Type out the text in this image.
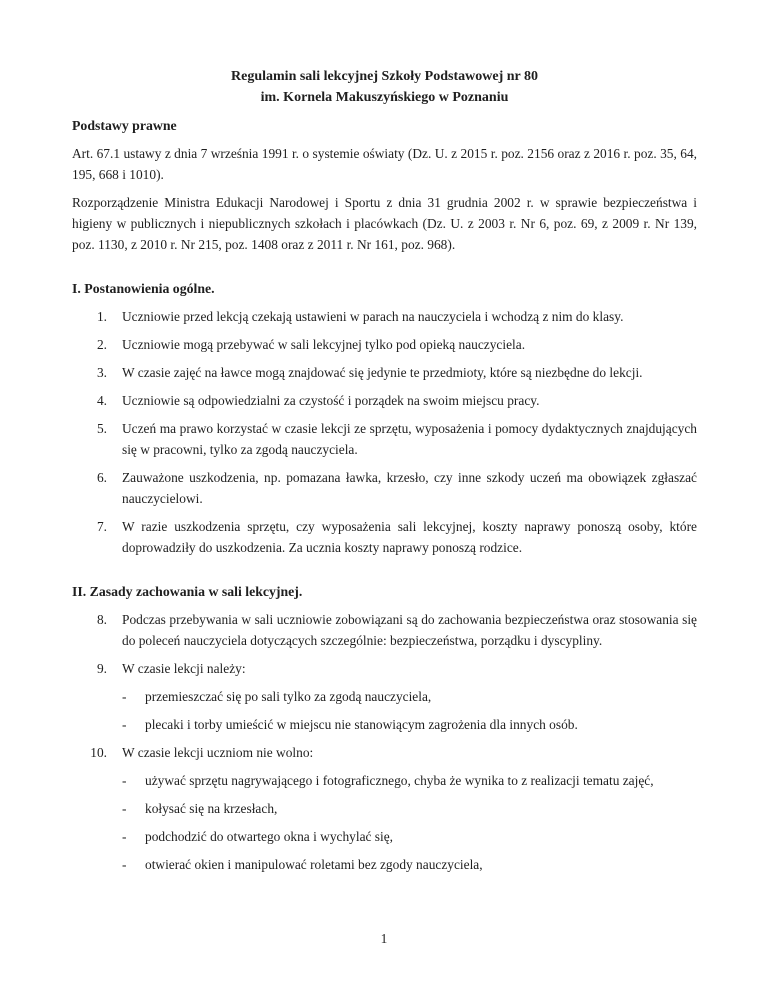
Regulamin sali lekcyjnej Szkoły Podstawowej nr 80
im. Kornela Makuszyńskiego w Poznaniu
Podstawy prawne

Art. 67.1 ustawy z dnia 7 września 1991 r. o systemie oświaty (Dz. U. z 2015 r. poz. 2156 oraz z 2016 r. poz. 35, 64, 195, 668 i 1010).

Rozporządzenie Ministra Edukacji Narodowej i Sportu z dnia 31 grudnia 2002 r. w sprawie bezpieczeństwa i higieny w publicznych i niepublicznych szkołach i placówkach (Dz. U. z 2003 r. Nr 6, poz. 69, z 2009 r. Nr 139, poz. 1130, z 2010 r. Nr 215, poz. 1408 oraz z 2011 r. Nr 161, poz. 968).

I. Postanowienia ogólne.
1.	Uczniowie przed lekcją czekają ustawieni w parach na nauczyciela i wchodzą z nim do klasy.
2.	Uczniowie mogą przebywać w sali lekcyjnej tylko pod opieką nauczyciela.
3.	W czasie zajęć na ławce mogą znajdować się jedynie te przedmioty, które są niezbędne do lekcji.
4.	Uczniowie są odpowiedzialni za czystość i porządek na swoim miejscu pracy.
5.	Uczeń ma prawo korzystać w czasie lekcji ze sprzętu, wyposażenia i pomocy dydaktycznych znajdujących się w pracowni, tylko za zgodą nauczyciela.
6.	Zauważone uszkodzenia, np. pomazana ławka, krzesło, czy inne szkody uczeń ma obowiązek zgłaszać nauczycielowi.
7.	W razie uszkodzenia sprzętu, czy wyposażenia sali lekcyjnej, koszty naprawy ponoszą osoby, które doprowadziły do uszkodzenia. Za ucznia koszty naprawy ponoszą rodzice.
II. Zasady zachowania w sali lekcyjnej.
8.	Podczas przebywania w sali uczniowie zobowiązani są do zachowania bezpieczeństwa oraz stosowania się do poleceń nauczyciela dotyczących szczególnie: bezpieczeństwa, porządku i dyscypliny.
9.	W czasie lekcji należy:
-	przemieszczać się po sali tylko za zgodą nauczyciela,
-	plecaki i torby umieścić w miejscu nie stanowiącym zagrożenia dla innych osób.
10.	W czasie lekcji uczniom nie wolno:
-	używać sprzętu nagrywającego i fotograficznego, chyba że wynika to z realizacji tematu zajęć,
-	kołysać się na krzesłach,
-	podchodzić do otwartego okna i wychylać się,
-	otwierać okien i manipulować roletami bez zgody nauczyciela,
1
